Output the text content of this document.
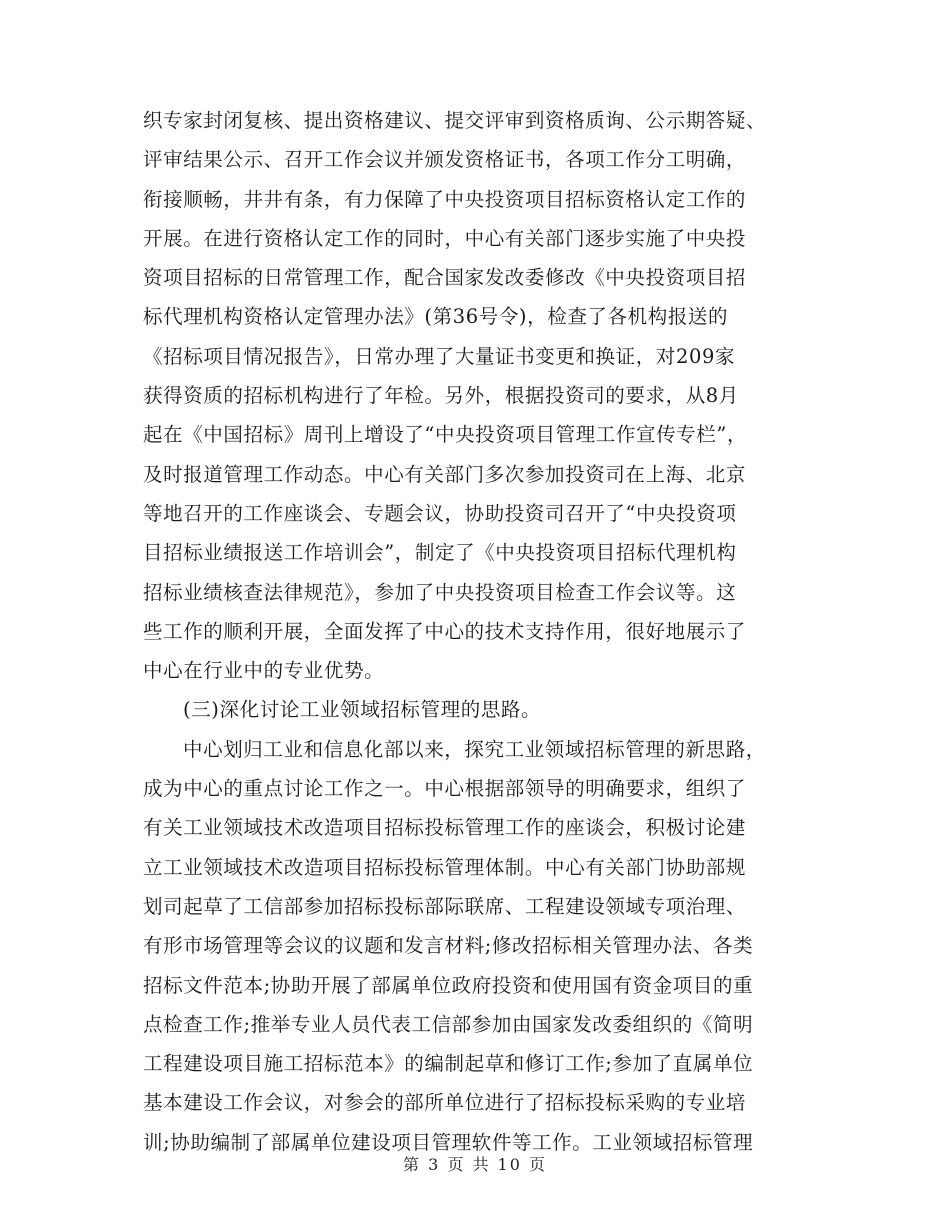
织专家封闭复核、提出资格建议、提交评审到资格质询、公示期答疑、
评审结果公示、召开工作会议并颁发资格证书，各项工作分工明确，
衔接顺畅，井井有条，有力保障了中央投资项目招标资格认定工作的
开展。在进行资格认定工作的同时，中心有关部门逐步实施了中央投
资项目招标的日常管理工作，配合国家发改委修改《中央投资项目招
标代理机构资格认定管理办法》(第36号令)，检查了各机构报送的
《招标项目情况报告》，日常办理了大量证书变更和换证，对209家
获得资质的招标机构进行了年检。另外，根据投资司的要求，从8月
起在《中国招标》周刊上增设了“中央投资项目管理工作宣传专栏”，
及时报道管理工作动态。中心有关部门多次参加投资司在上海、北京
等地召开的工作座谈会、专题会议，协助投资司召开了“中央投资项
目招标业绩报送工作培训会”，制定了《中央投资项目招标代理机构
招标业绩核查法律规范》，参加了中央投资项目检查工作会议等。这
些工作的顺利开展，全面发挥了中心的技术支持作用，很好地展示了
中心在行业中的专业优势。
(三)深化讨论工业领域招标管理的思路。
中心划归工业和信息化部以来，探究工业领域招标管理的新思路，
成为中心的重点讨论工作之一。中心根据部领导的明确要求，组织了
有关工业领域技术改造项目招标投标管理工作的座谈会，积极讨论建
立工业领域技术改造项目招标投标管理体制。中心有关部门协助部规
划司起草了工信部参加招标投标部际联席、工程建设领域专项治理、
有形市场管理等会议的议题和发言材料;修改招标相关管理办法、各类
招标文件范本;协助开展了部属单位政府投资和使用国有资金项目的重
点检查工作;推举专业人员代表工信部参加由国家发改委组织的《简明
工程建设项目施工招标范本》的编制起草和修订工作;参加了直属单位
基本建设工作会议，对参会的部所单位进行了招标投标采购的专业培
训;协助编制了部属单位建设项目管理软件等工作。工业领域招标管理
第 3 页 共 10 页
